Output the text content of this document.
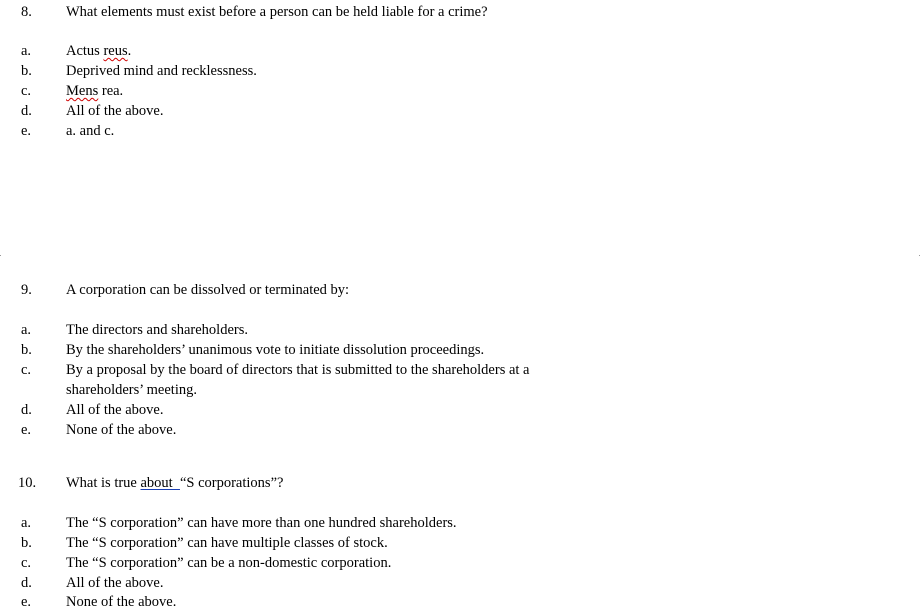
8. What elements must exist before a person can be held liable for a crime?
a. Actus reus.
b. Deprived mind and recklessness.
c. Mens rea.
d. All of the above.
e. a. and c.
9. A corporation can be dissolved or terminated by:
a. The directors and shareholders.
b. By the shareholders’ unanimous vote to initiate dissolution proceedings.
c. By a proposal by the board of directors that is submitted to the shareholders at a
shareholders’ meeting.
d. All of the above.
e. None of the above.
10. What is true about  “S corporations”?
a. The “S corporation” can have more than one hundred shareholders.
b. The “S corporation” can have multiple classes of stock.
c. The “S corporation” can be a non-domestic corporation.
d. All of the above.
e. None of the above.
